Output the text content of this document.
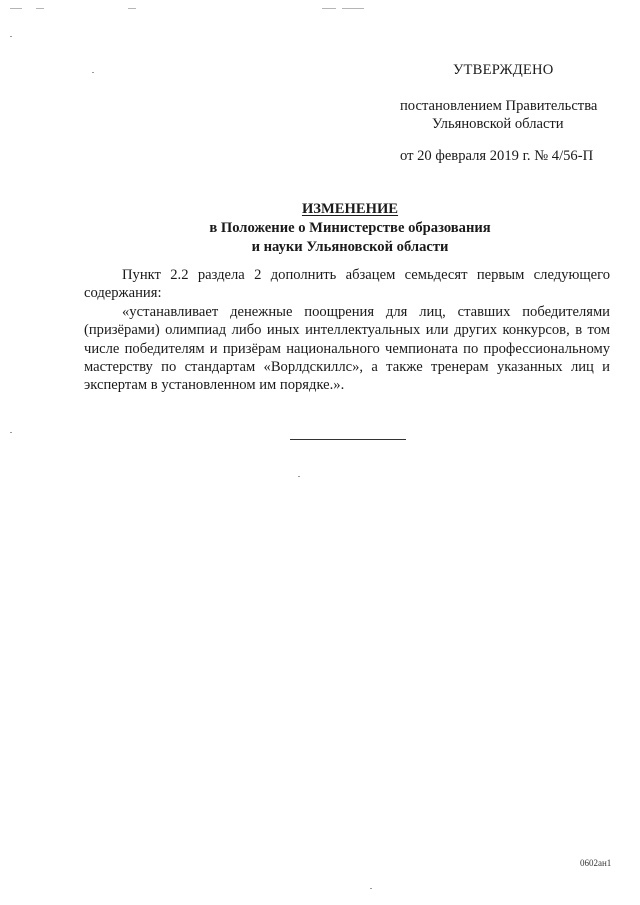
УТВЕРЖДЕНО
постановлением Правительства
Ульяновской области
от 20 февраля 2019 г. № 4/56-П
ИЗМЕНЕНИЕ
в Положение о Министерстве образования
и науки Ульяновской области

Пункт 2.2 раздела 2 дополнить абзацем семьдесят первым следующего содержания:

«устанавливает денежные поощрения для лиц, ставших победителями (призёрами) олимпиад либо иных интеллектуальных или других конкурсов, в том числе победителям и призёрам национального чемпионата по профессиональному мастерству по стандартам «Ворлдскиллс», а также тренерам указанных лиц и экспертам в установленном им порядке.».

0602ан1
